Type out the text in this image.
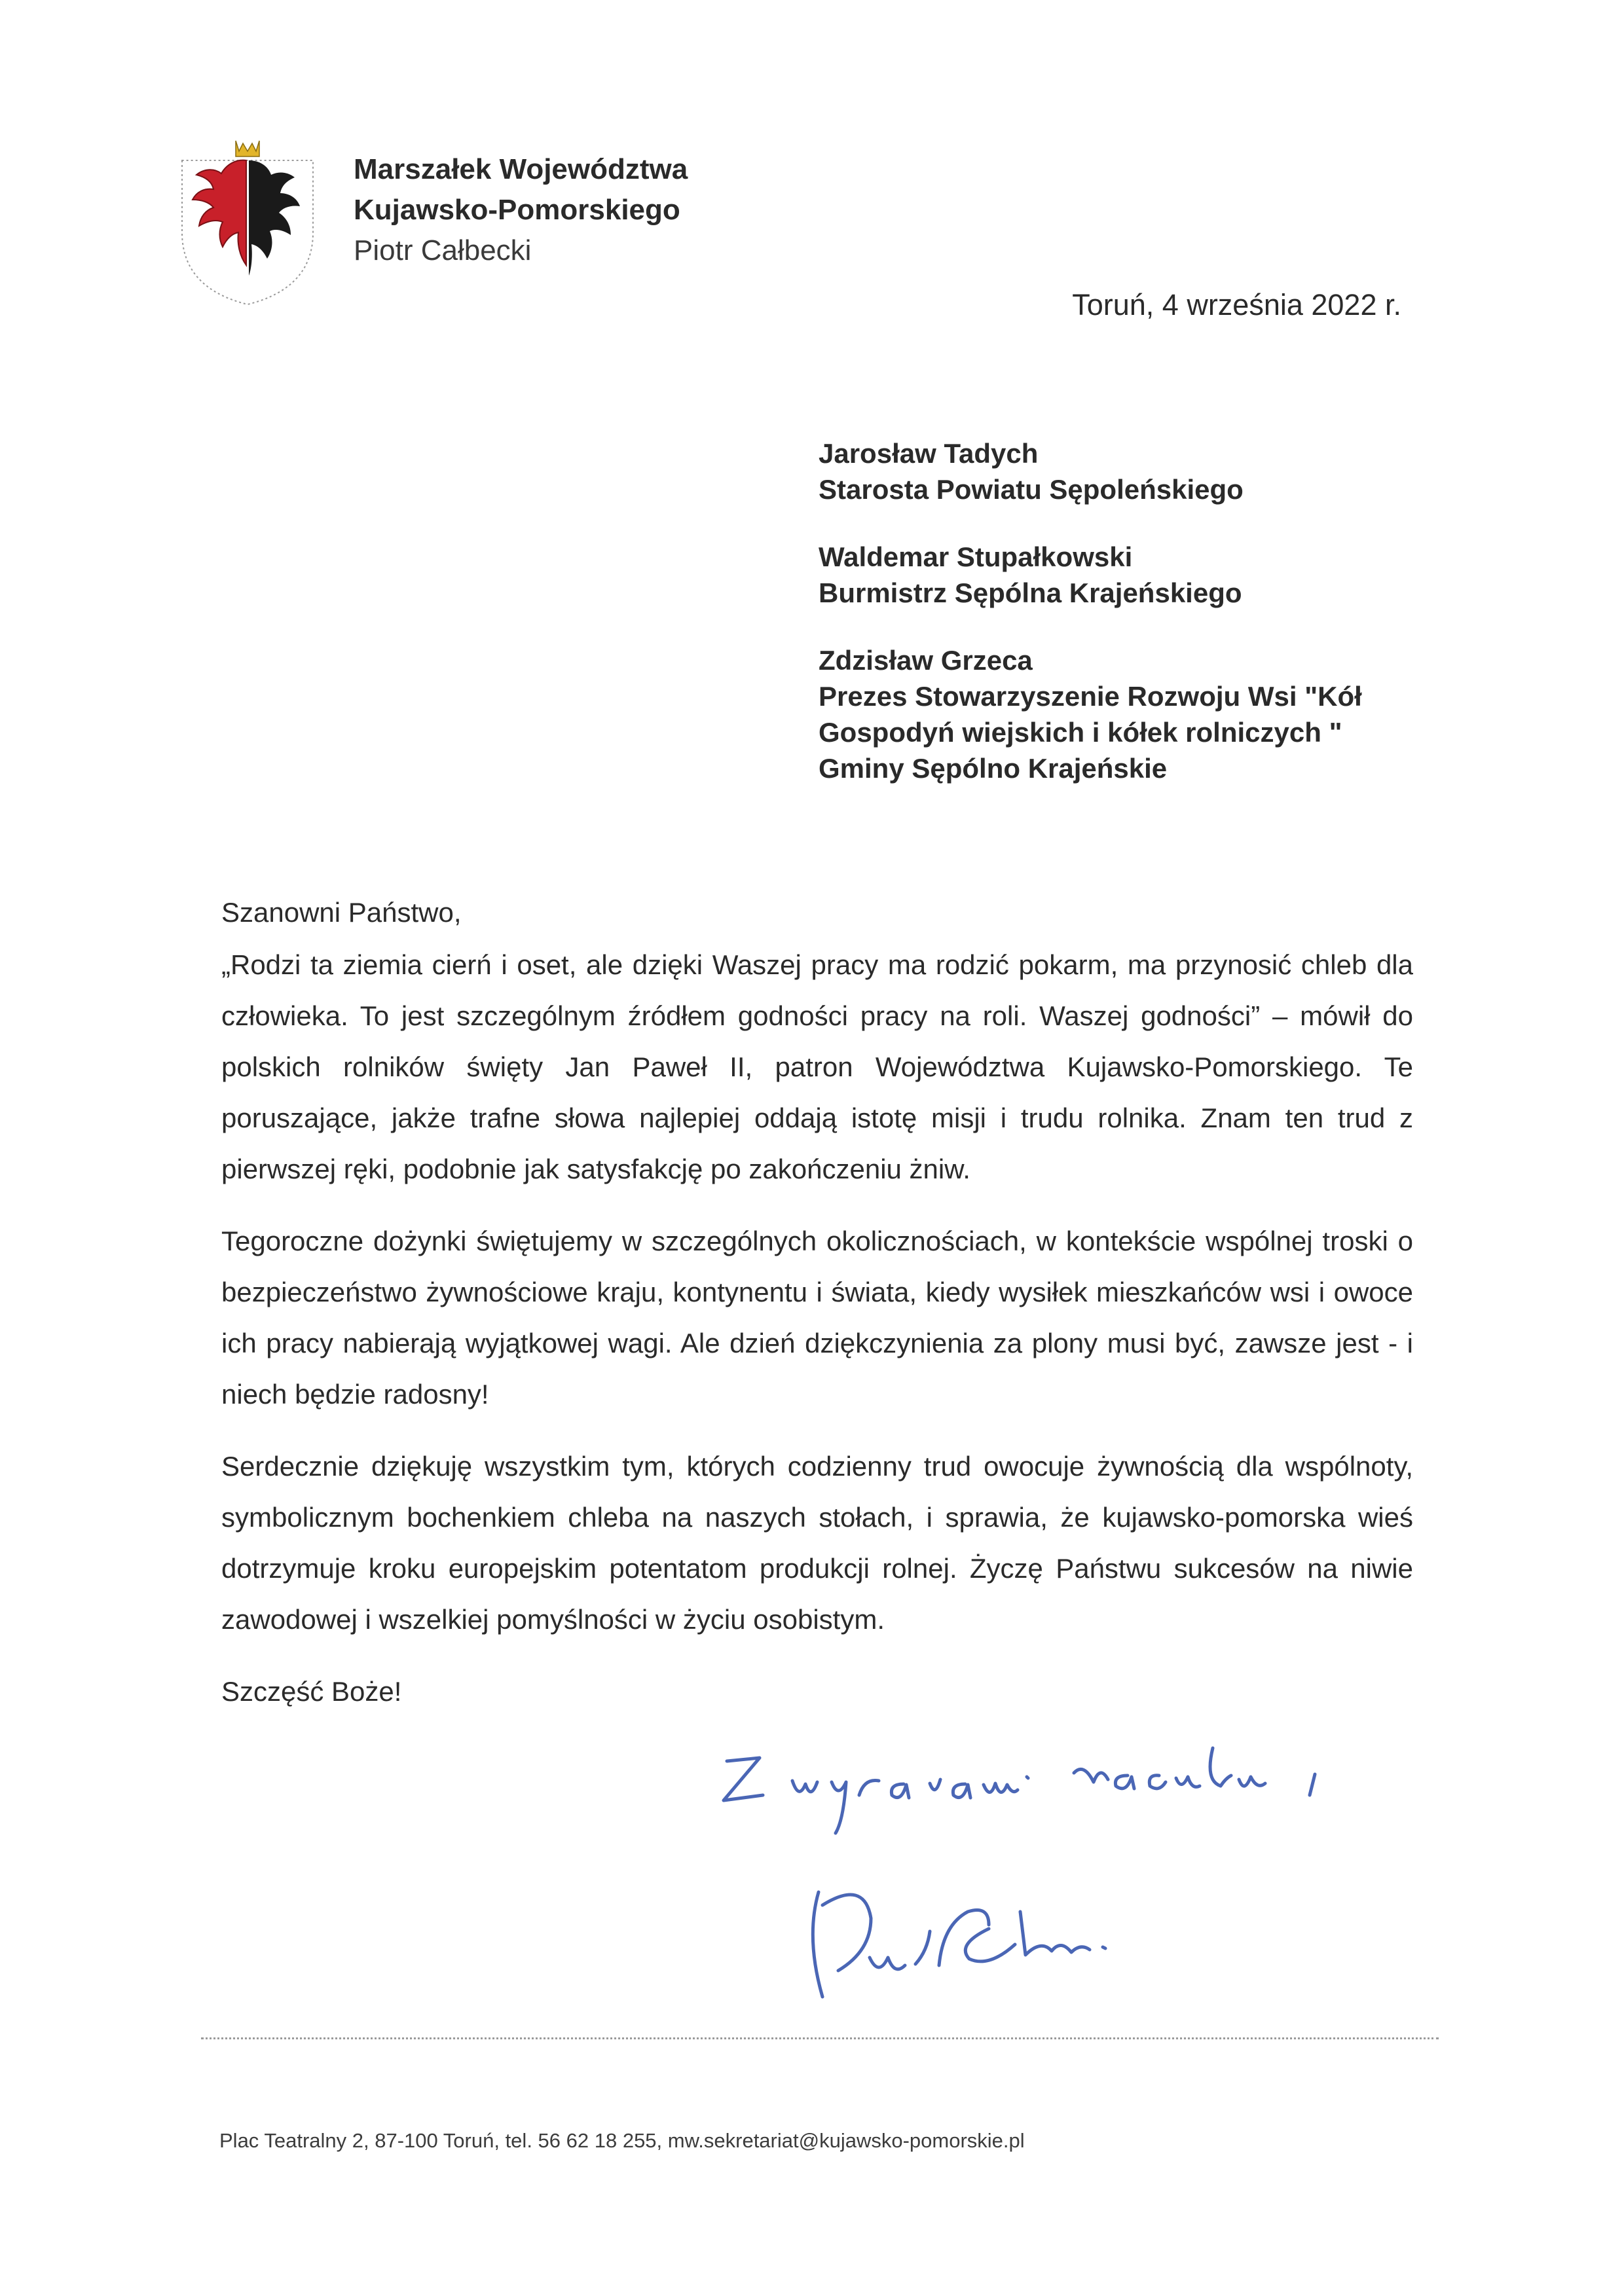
Marszałek Województwa
Kujawsko-Pomorskiego
Piotr Całbecki
Toruń, 4 września 2022 r.
Jarosław Tadych
Starosta Powiatu Sępoleńskiego
Waldemar Stupałkowski
Burmistrz Sępólna Krajeńskiego
Zdzisław Grzeca
Prezes Stowarzyszenie Rozwoju Wsi "Kół
Gospodyń wiejskich i kółek rolniczych "
Gminy Sępólno Krajeńskie
Szanowni Państwo,
„Rodzi ta ziemia cierń i oset, ale dzięki Waszej pracy ma rodzić pokarm, ma przynosić chleb dla człowieka. To jest szczególnym źródłem godności pracy na roli. Waszej godności” – mówił do polskich rolników święty Jan Paweł II, patron Województwa Kujawsko-Pomorskiego. Te poruszające, jakże trafne słowa najlepiej oddają istotę misji i trudu rolnika. Znam ten trud z pierwszej ręki, podobnie jak satysfakcję po zakończeniu żniw.
Tegoroczne dożynki świętujemy w szczególnych okolicznościach, w kontekście wspólnej troski o bezpieczeństwo żywnościowe kraju, kontynentu i świata, kiedy wysiłek mieszkańców wsi i owoce ich pracy nabierają wyjątkowej wagi. Ale dzień dziękczynienia za plony musi być, zawsze jest - i niech będzie radosny!
Serdecznie dziękuję wszystkim tym, których codzienny trud owocuje żywnością dla wspólnoty, symbolicznym bochenkiem chleba na naszych stołach, i sprawia, że kujawsko-pomorska wieś dotrzymuje kroku europejskim potentatom produkcji rolnej. Życzę Państwu sukcesów na niwie zawodowej i wszelkiej pomyślności w życiu osobistym.
Szczęść Boże!
Plac Teatralny 2, 87-100 Toruń, tel. 56 62 18 255, mw.sekretariat@kujawsko-pomorskie.pl
